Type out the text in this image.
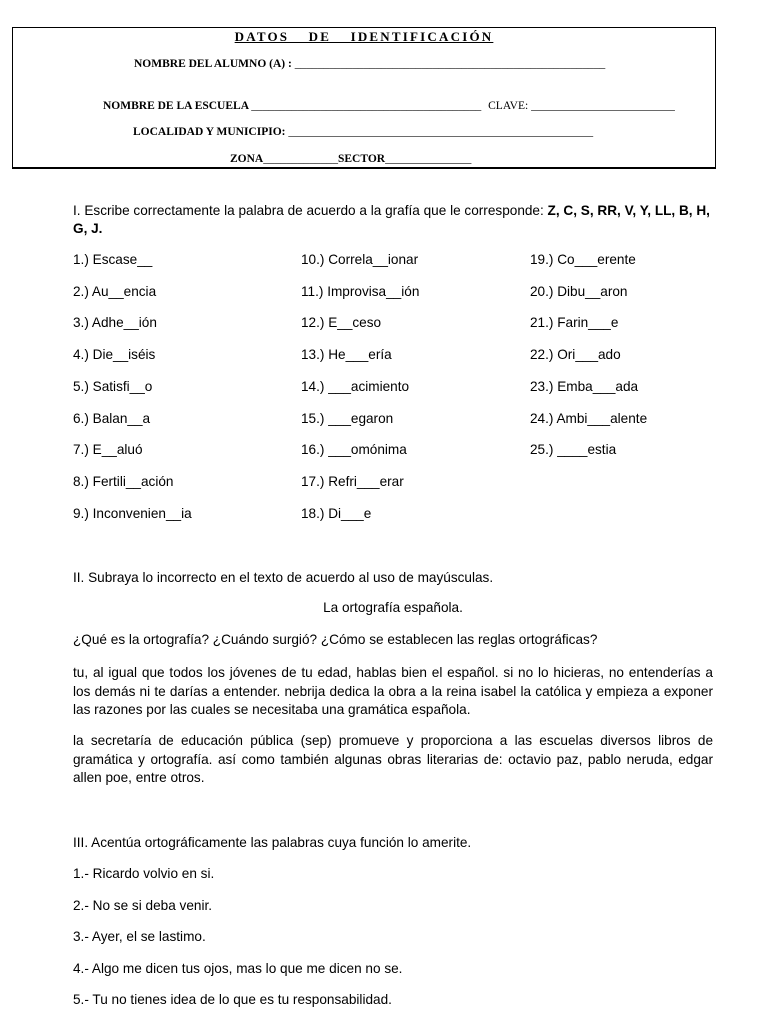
DATOS DE IDENTIFICACIÓN
NOMBRE DEL ALUMNO (A) : ______________________________________________________
NOMBRE DE LA ESCUELA ________________________________________ CLAVE: _________________________
LOCALIDAD Y MUNICIPIO: _____________________________________________________
ZONA_____________SECTOR_______________
I. Escribe correctamente la palabra de acuerdo a la grafía que le corresponde: Z, C, S, RR, V, Y, LL, B, H, G, J.
1.) Escase__
2.) Au__encia
3.) Adhe__ión
4.) Die__iséis
5.) Satisfi__o
6.) Balan__a
7.) E__aluó
8.) Fertili__ación
9.) Inconvenien__ia
10.) Correla__ionar
11.) Improvisa__ión
12.) E__ceso
13.) He___ería
14.) ___acimiento
15.) ___egaron
16.) ___omónima
17.) Refri___erar
18.) Di___e
19.) Co___erente
20.) Dibu__aron
21.) Farin___e
22.) Ori___ado
23.) Emba___ada
24.) Ambi___alente
25.) ____estia
II. Subraya lo incorrecto en el texto de acuerdo al uso de mayúsculas.
La ortografía española.
¿Qué es la ortografía? ¿Cuándo surgió? ¿Cómo se establecen las reglas ortográficas?
tu, al igual que todos los jóvenes de tu edad, hablas bien el español. si no lo hicieras, no entenderías a los demás ni te darías a entender. nebrija dedica la obra a la reina isabel la católica y empieza a exponer las razones por las cuales se necesitaba una gramática española.
la secretaría de educación pública (sep) promueve y proporciona a las escuelas diversos libros de gramática y ortografía. así como también algunas obras literarias de: octavio paz, pablo neruda, edgar allen poe, entre otros.
III. Acentúa ortográficamente las palabras cuya función lo amerite.
1.- Ricardo volvio en si.
2.- No se si deba venir.
3.- Ayer, el se lastimo.
4.- Algo me dicen tus ojos, mas lo que me dicen no se.
5.- Tu no tienes idea de lo que es tu responsabilidad.
